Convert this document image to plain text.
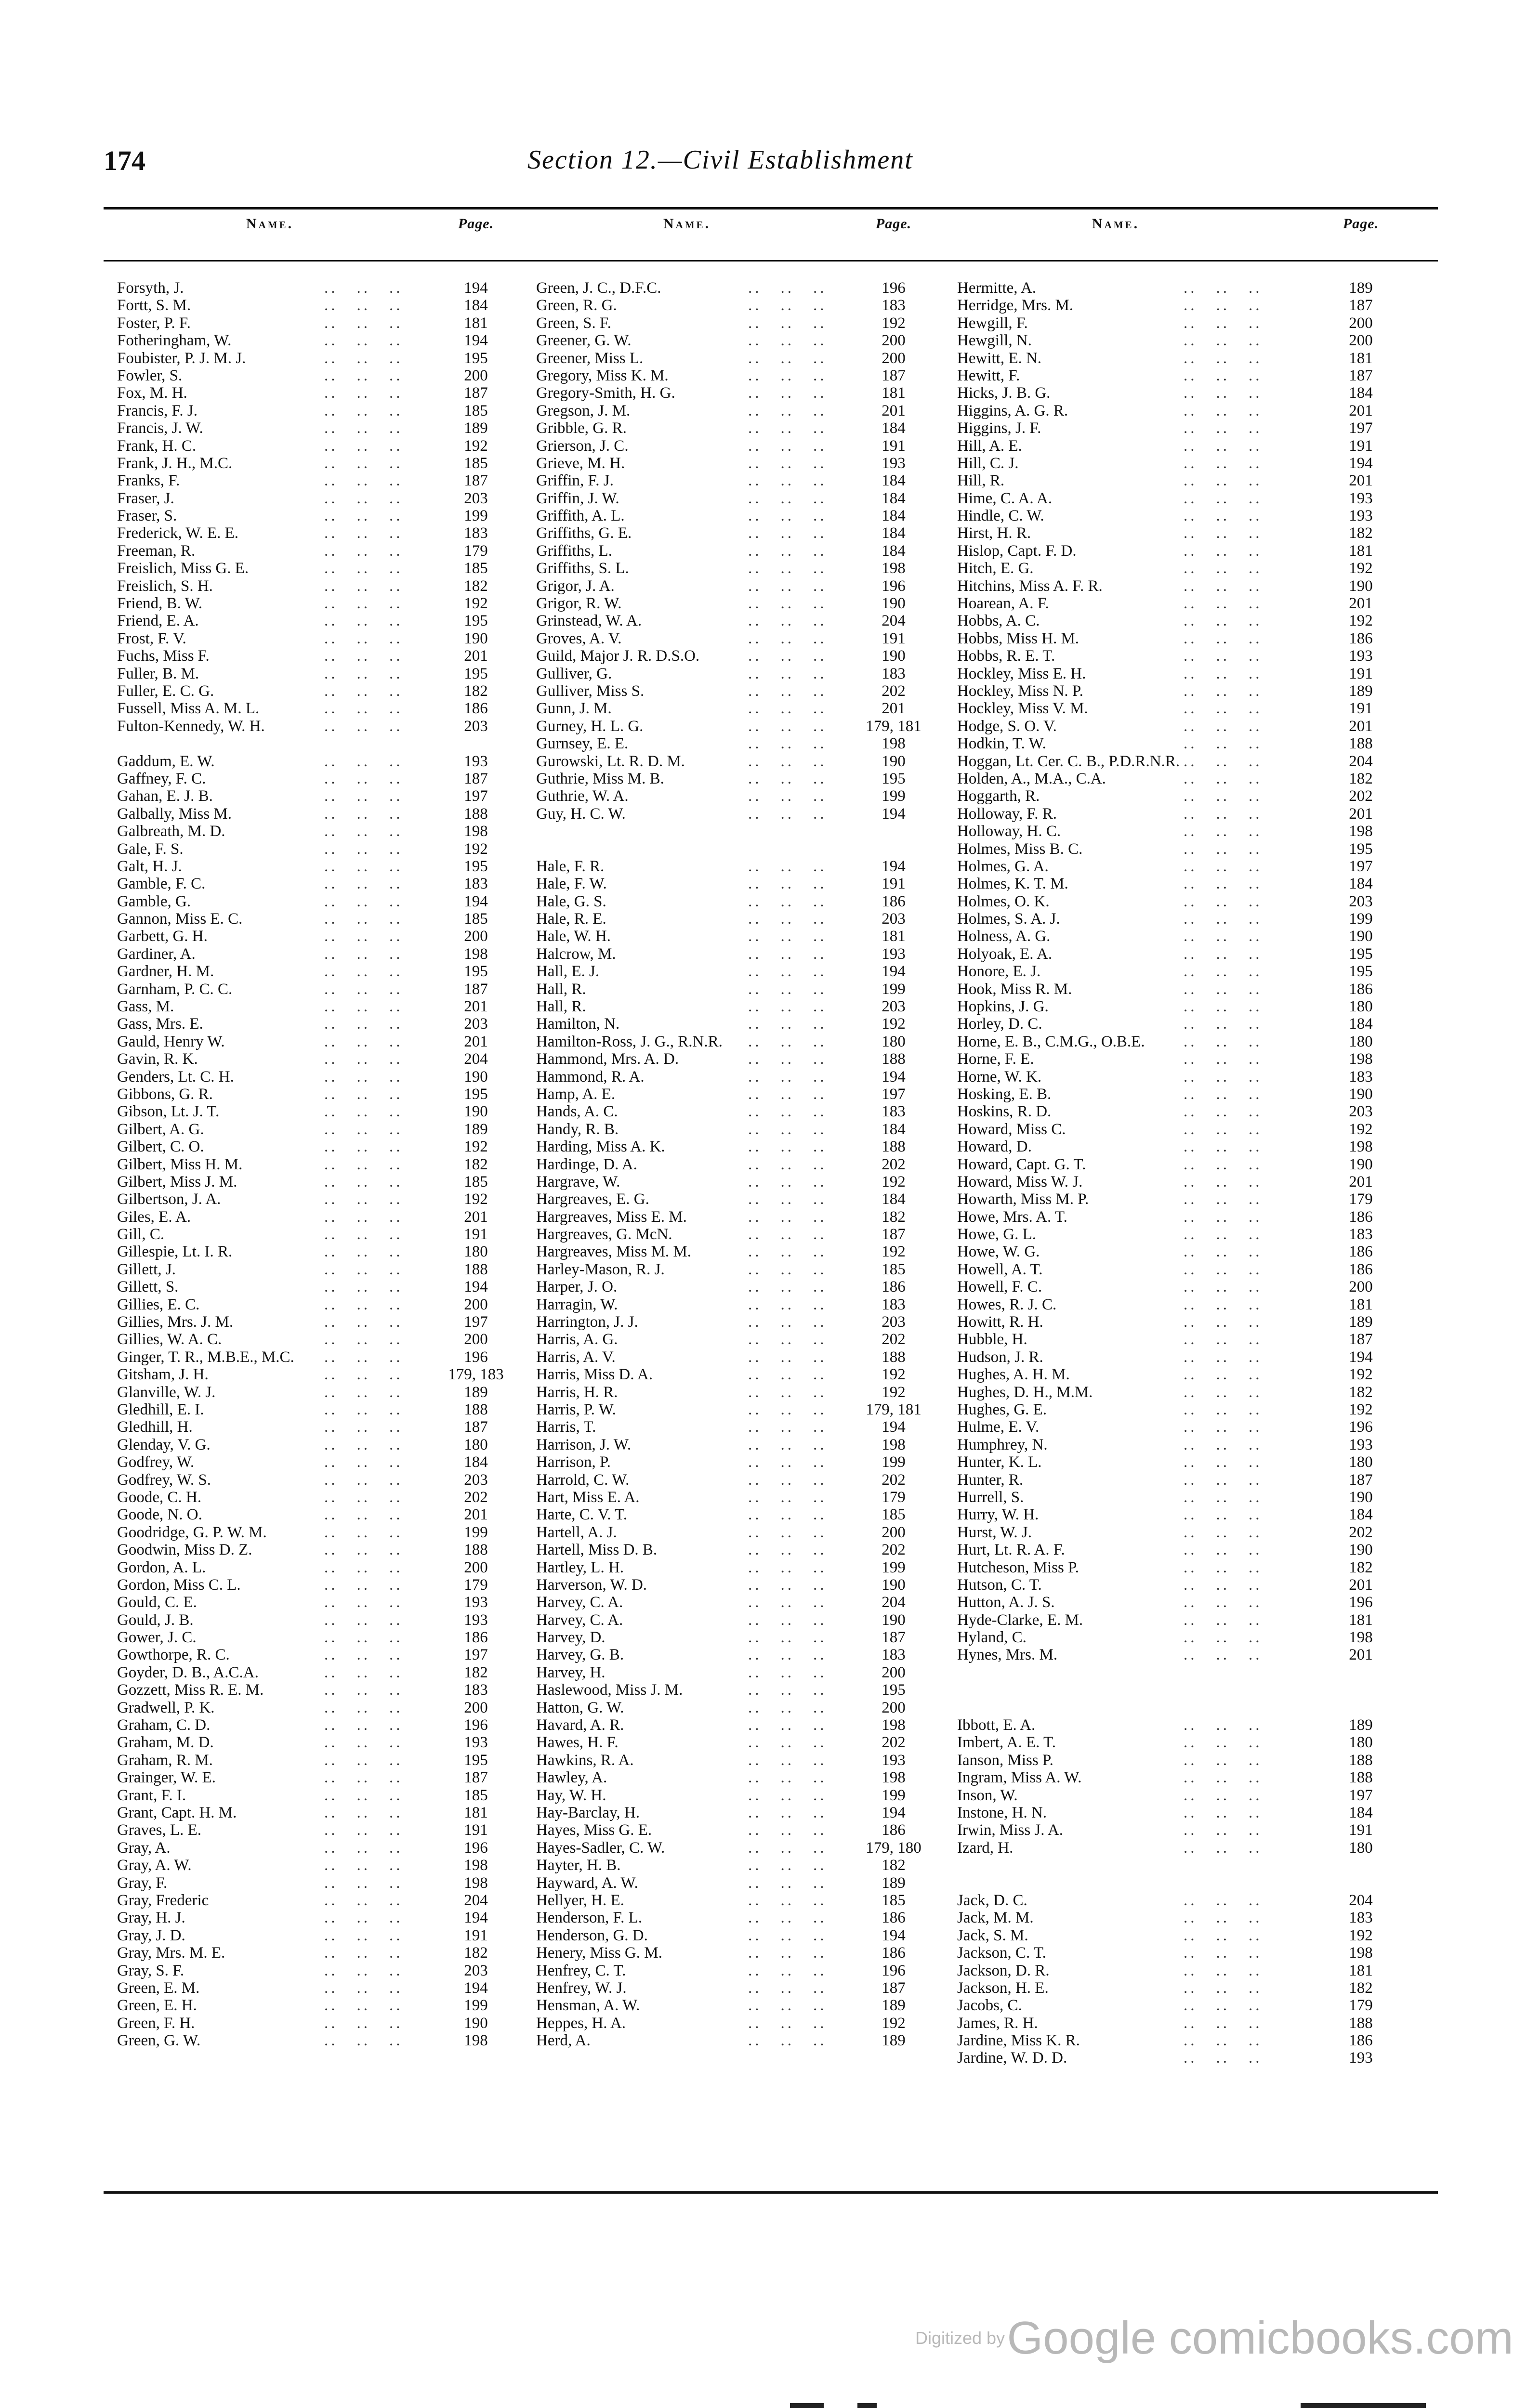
174	Section 12.—Civil Establishment
Name.	Page.	Name.	Page.	Name.	Page.
Forsyth, J.	.. .. ..	194
Fortt, S. M.	.. .. ..	184
Foster, P. F.	.. .. ..	181
Fotheringham, W.	.. .. ..	194
Foubister, P. J. M. J.	.. .. ..	195
Fowler, S.	.. .. ..	200
Fox, M. H.	.. .. ..	187
Francis, F. J.	.. .. ..	185
Francis, J. W.	.. .. ..	189
Frank, H. C.	.. .. ..	192
Frank, J. H., M.C.	.. .. ..	185
Franks, F.	.. .. ..	187
Fraser, J.	.. .. ..	203
Fraser, S.	.. .. ..	199
Frederick, W. E. E.	.. .. ..	183
Freeman, R.	.. .. ..	179
Freislich, Miss G. E.	.. .. ..	185
Freislich, S. H.	.. .. ..	182
Friend, B. W.	.. .. ..	192
Friend, E. A.	.. .. ..	195
Frost, F. V.	.. .. ..	190
Fuchs, Miss F.	.. .. ..	201
Fuller, B. M.	.. .. ..	195
Fuller, E. C. G.	.. .. ..	182
Fussell, Miss A. M. L.	.. .. ..	186
Fulton-Kennedy, W. H.	.. .. ..	203
Gaddum, E. W.	.. .. ..	193
Gaffney, F. C.	.. .. ..	187
Gahan, E. J. B.	.. .. ..	197
Galbally, Miss M.	.. .. ..	188
Galbreath, M. D.	.. .. ..	198
Gale, F. S.	.. .. ..	192
Galt, H. J.	.. .. ..	195
Gamble, F. C.	.. .. ..	183
Gamble, G.	.. .. ..	194
Gannon, Miss E. C.	.. .. ..	185
Garbett, G. H.	.. .. ..	200
Gardiner, A.	.. .. ..	198
Gardner, H. M.	.. .. ..	195
Garnham, P. C. C.	.. .. ..	187
Gass, M.	.. .. ..	201
Gass, Mrs. E.	.. .. ..	203
Gauld, Henry W.	.. .. ..	201
Gavin, R. K.	.. .. ..	204
Genders, Lt. C. H.	.. .. ..	190
Gibbons, G. R.	.. .. ..	195
Gibson, Lt. J. T.	.. .. ..	190
Gilbert, A. G.	.. .. ..	189
Gilbert, C. O.	.. .. ..	192
Gilbert, Miss H. M.	.. .. ..	182
Gilbert, Miss J. M.	.. .. ..	185
Gilbertson, J. A.	.. .. ..	192
Giles, E. A.	.. .. ..	201
Gill, C.	.. .. ..	191
Gillespie, Lt. I. R.	.. .. ..	180
Gillett, J.	.. .. ..	188
Gillett, S.	.. .. ..	194
Gillies, E. C.	.. .. ..	200
Gillies, Mrs. J. M.	.. .. ..	197
Gillies, W. A. C.	.. .. ..	200
Ginger, T. R., M.B.E., M.C. .. .. ..	196
Gitsham, J. H.	.. .. ..	179, 183
Glanville, W. J.	.. .. ..	189
Gledhill, E. I.	.. .. ..	188
Gledhill, H.	.. .. ..	187
Glenday, V. G.	.. .. ..	180
Godfrey, W.	.. .. ..	184
Godfrey, W. S.	.. .. ..	203
Goode, C. H.	.. .. ..	202
Goode, N. O.	.. .. ..	201
Goodridge, G. P. W. M.	.. .. ..	199
Goodwin, Miss D. Z.	.. .. ..	188
Gordon, A. L.	.. .. ..	200
Gordon, Miss C. L.	.. .. ..	179
Gould, C. E.	.. .. ..	193
Gould, J. B.	.. .. ..	193
Gower, J. C.	.. .. ..	186
Gowthorpe, R. C.	.. .. ..	197
Goyder, D. B., A.C.A.	.. .. ..	182
Gozzett, Miss R. E. M.	.. .. ..	183
Gradwell, P. K.	.. .. ..	200
Graham, C. D.	.. .. ..	196
Graham, M. D.	.. .. ..	193
Graham, R. M.	.. .. ..	195
Grainger, W. E.	.. .. ..	187
Grant, F. I.	.. .. ..	185
Grant, Capt. H. M.	.. .. ..	181
Graves, L. E.	.. .. ..	191
Gray, A.	.. .. ..	196
Gray, A. W.	.. .. ..	198
Gray, F.	.. .. ..	198
Gray, Frederic	.. .. ..	204
Gray, H. J.	.. .. ..	194
Gray, J. D.	.. .. ..	191
Gray, Mrs. M. E.	.. .. ..	182
Gray, S. F.	.. .. ..	203
Green, E. M.	.. .. ..	194
Green, E. H.	.. .. ..	199
Green, F. H.	.. .. ..	190
Green, G. W.	.. .. ..	198
Green, J. C., D.F.C.	.. .. ..	196
Green, R. G.	.. .. ..	183
Green, S. F.	.. .. ..	192
Greener, G. W.	.. .. ..	200
Greener, Miss L.	.. .. ..	200
Gregory, Miss K. M.	.. .. ..	187
Gregory-Smith, H. G.	.. .. ..	181
Gregson, J. M.	.. .. ..	201
Gribble, G. R.	.. .. ..	184
Grierson, J. C.	.. .. ..	191
Grieve, M. H.	.. .. ..	193
Griffin, F. J.	.. .. ..	184
Griffin, J. W.	.. .. ..	184
Griffith, A. L.	.. .. ..	184
Griffiths, G. E.	.. .. ..	184
Griffiths, L.	.. .. ..	184
Griffiths, S. L.	.. .. ..	198
Grigor, J. A.	.. .. ..	196
Grigor, R. W.	.. .. ..	190
Grinstead, W. A.	.. .. ..	204
Groves, A. V.	.. .. ..	191
Guild, Major J. R. D.S.O.	.. .. ..	190
Gulliver, G.	.. .. ..	183
Gulliver, Miss S.	.. .. ..	202
Gunn, J. M.	.. .. ..	201
Gurney, H. L. G.	.. .. ..	179, 181
Gurnsey, E. E.	.. .. ..	198
Gurowski, Lt. R. D. M.	.. .. ..	190
Guthrie, Miss M. B.	.. .. ..	195
Guthrie, W. A.	.. .. ..	199
Guy, H. C. W.	.. .. ..	194
Hale, F. R.	.. .. ..	194
Hale, F. W.	.. .. ..	191
Hale, G. S.	.. .. ..	186
Hale, R. E.	.. .. ..	203
Hale, W. H.	.. .. ..	181
Halcrow, M.	.. .. ..	193
Hall, E. J.	.. .. ..	194
Hall, R.	.. .. ..	199
Hall, R.	.. .. ..	203
Hamilton, N.	.. .. ..	192
Hamilton-Ross, J. G., R.N.R. .. .. ..	180
Hammond, Mrs. A. D.	.. .. ..	188
Hammond, R. A.	.. .. ..	194
Hamp, A. E.	.. .. ..	197
Hands, A. C.	.. .. ..	183
Handy, R. B.	.. .. ..	184
Harding, Miss A. K.	.. .. ..	188
Hardinge, D. A.	.. .. ..	202
Hargrave, W.	.. .. ..	192
Hargreaves, E. G.	.. .. ..	184
Hargreaves, Miss E. M.	.. .. ..	182
Hargreaves, G. McN.	.. .. ..	187
Hargreaves, Miss M. M.	.. .. ..	192
Harley-Mason, R. J.	.. .. ..	185
Harper, J. O.	.. .. ..	186
Harragin, W.	.. .. ..	183
Harrington, J. J.	.. .. ..	203
Harris, A. G.	.. .. ..	202
Harris, A. V.	.. .. ..	188
Harris, Miss D. A.	.. .. ..	192
Harris, H. R.	.. .. ..	192
Harris, P. W.	.. .. ..	179, 181
Harris, T.	.. .. ..	194
Harrison, J. W.	.. .. ..	198
Harrison, P.	.. .. ..	199
Harrold, C. W.	.. .. ..	202
Hart, Miss E. A.	.. .. ..	179
Harte, C. V. T.	.. .. ..	185
Hartell, A. J.	.. .. ..	200
Hartell, Miss D. B.	.. .. ..	202
Hartley, L. H.	.. .. ..	199
Harverson, W. D.	.. .. ..	190
Harvey, C. A.	.. .. ..	204
Harvey, C. A.	.. .. ..	190
Harvey, D.	.. .. ..	187
Harvey, G. B.	.. .. ..	183
Harvey, H.	.. .. ..	200
Haslewood, Miss J. M.	.. .. ..	195
Hatton, G. W.	.. .. ..	200
Havard, A. R.	.. .. ..	198
Hawes, H. F.	.. .. ..	202
Hawkins, R. A.	.. .. ..	193
Hawley, A.	.. .. ..	198
Hay, W. H.	.. .. ..	199
Hay-Barclay, H.	.. .. ..	194
Hayes, Miss G. E.	.. .. ..	186
Hayes-Sadler, C. W.	.. .. ..	179, 180
Hayter, H. B.	.. .. ..	182
Hayward, A. W.	.. .. ..	189
Hellyer, H. E.	.. .. ..	185
Henderson, F. L.	.. .. ..	186
Henderson, G. D.	.. .. ..	194
Henery, Miss G. M.	.. .. ..	186
Henfrey, C. T.	.. .. ..	196
Henfrey, W. J.	.. .. ..	187
Hensman, A. W.	.. .. ..	189
Heppes, H. A.	.. .. ..	192
Herd, A.	.. .. ..	189
Hermitte, A.	.. .. ..	189
Herridge, Mrs. M.	.. .. ..	187
Hewgill, F.	.. .. ..	200
Hewgill, N.	.. .. ..	200
Hewitt, E. N.	.. .. ..	181
Hewitt, F.	.. .. ..	187
Hicks, J. B. G.	.. .. ..	184
Higgins, A. G. R.	.. .. ..	201
Higgins, J. F.	.. .. ..	197
Hill, A. E.	.. .. ..	191
Hill, C. J.	.. .. ..	194
Hill, R.	.. .. ..	201
Hime, C. A. A.	.. .. ..	193
Hindle, C. W.	.. .. ..	193
Hirst, H. R.	.. .. ..	182
Hislop, Capt. F. D.	.. .. ..	181
Hitch, E. G.	.. .. ..	192
Hitchins, Miss A. F. R.	.. .. ..	190
Hoarean, A. F.	.. .. ..	201
Hobbs, A. C.	.. .. ..	192
Hobbs, Miss H. M.	.. .. ..	186
Hobbs, R. E. T.	.. .. ..	193
Hockley, Miss E. H.	.. .. ..	191
Hockley, Miss N. P.	.. .. ..	189
Hockley, Miss V. M.	.. .. ..	191
Hodge, S. O. V.	.. .. ..	201
Hodkin, T. W.	.. .. ..	188
Hoggan, Lt. Cer. C. B., P.D.R.N.R. .. .. ..	204
Holden, A., M.A., C.A.	.. .. ..	182
Hoggarth, R.	.. .. ..	202
Holloway, F. R.	.. .. ..	201
Holloway, H. C.	.. .. ..	198
Holmes, Miss B. C.	.. .. ..	195
Holmes, G. A.	.. .. ..	197
Holmes, K. T. M.	.. .. ..	184
Holmes, O. K.	.. .. ..	203
Holmes, S. A. J.	.. .. ..	199
Holness, A. G.	.. .. ..	190
Holyoak, E. A.	.. .. ..	195
Honore, E. J.	.. .. ..	195
Hook, Miss R. M.	.. .. ..	186
Hopkins, J. G.	.. .. ..	180
Horley, D. C.	.. .. ..	184
Horne, E. B., C.M.G., O.B.E. .. .. ..	180
Horne, F. E.	.. .. ..	198
Horne, W. K.	.. .. ..	183
Hosking, E. B.	.. .. ..	190
Hoskins, R. D.	.. .. ..	203
Howard, Miss C.	.. .. ..	192
Howard, D.	.. .. ..	198
Howard, Capt. G. T.	.. .. ..	190
Howard, Miss W. J.	.. .. ..	201
Howarth, Miss M. P.	.. .. ..	179
Howe, Mrs. A. T.	.. .. ..	186
Howe, G. L.	.. .. ..	183
Howe, W. G.	.. .. ..	186
Howell, A. T.	.. .. ..	186
Howell, F. C.	.. .. ..	200
Howes, R. J. C.	.. .. ..	181
Howitt, R. H.	.. .. ..	189
Hubble, H.	.. .. ..	187
Hudson, J. R.	.. .. ..	194
Hughes, A. H. M.	.. .. ..	192
Hughes, D. H., M.M.	.. .. ..	182
Hughes, G. E.	.. .. ..	192
Hulme, E. V.	.. .. ..	196
Humphrey, N.	.. .. ..	193
Hunter, K. L.	.. .. ..	180
Hunter, R.	.. .. ..	187
Hurrell, S.	.. .. ..	190
Hurry, W. H.	.. .. ..	184
Hurst, W. J.	.. .. ..	202
Hurt, Lt. R. A. F.	.. .. ..	190
Hutcheson, Miss P.	.. .. ..	182
Hutson, C. T.	.. .. ..	201
Hutton, A. J. S.	.. .. ..	196
Hyde-Clarke, E. M.	.. .. ..	181
Hyland, C.	.. .. ..	198
Hynes, Mrs. M.	.. .. ..	201
Ibbott, E. A.	.. .. ..	189
Imbert, A. E. T.	.. .. ..	180
Ianson, Miss P.	.. .. ..	188
Ingram, Miss A. W.	.. .. ..	188
Inson, W.	.. .. ..	197
Instone, H. N.	.. .. ..	184
Irwin, Miss J. A.	.. .. ..	191
Izard, H.	.. .. ..	180
Jack, D. C.	.. .. ..	204
Jack, M. M.	.. .. ..	183
Jack, S. M.	.. .. ..	192
Jackson, C. T.	.. .. ..	198
Jackson, D. R.	.. .. ..	181
Jackson, H. E.	.. .. ..	182
Jacobs, C.	.. .. ..	179
James, R. H.	.. .. ..	188
Jardine, Miss K. R.	.. .. ..	186
Jardine, W. D. D.	.. .. ..	193
Digitized by Google comicbooks.com
